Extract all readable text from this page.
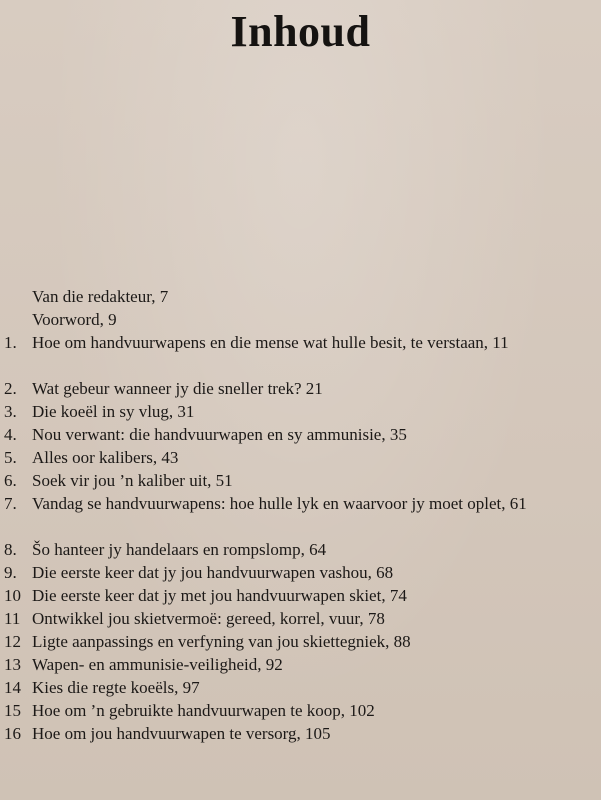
Inhoud
Van die redakteur, 7
Voorword, 9
1. Hoe om handvuurwapens en die mense wat hulle besit, te verstaan, 11
2. Wat gebeur wanneer jy die sneller trek? 21
3. Die koeël in sy vlug, 31
4. Nou verwant: die handvuurwapen en sy ammunisie, 35
5. Alles oor kalibers, 43
6. Soek vir jou ’n kaliber uit, 51
7. Vandag se handvuurwapens: hoe hulle lyk en waarvoor jy moet oplet, 61
8. Šo hanteer jy handelaars en rompslomp, 64
9. Die eerste keer dat jy jou handvuurwapen vashou, 68
10 Die eerste keer dat jy met jou handvuurwapen skiet, 74
11 Ontwikkel jou skietvermoë: gereed, korrel, vuur, 78
12 Ligte aanpassings en verfyning van jou skiettegniek, 88
13 Wapen- en ammunisie-veiligheid, 92
14 Kies die regte koeëls, 97
15 Hoe om ’n gebruikte handvuurwapen te koop, 102
16 Hoe om jou handvuurwapen te versorg, 105
